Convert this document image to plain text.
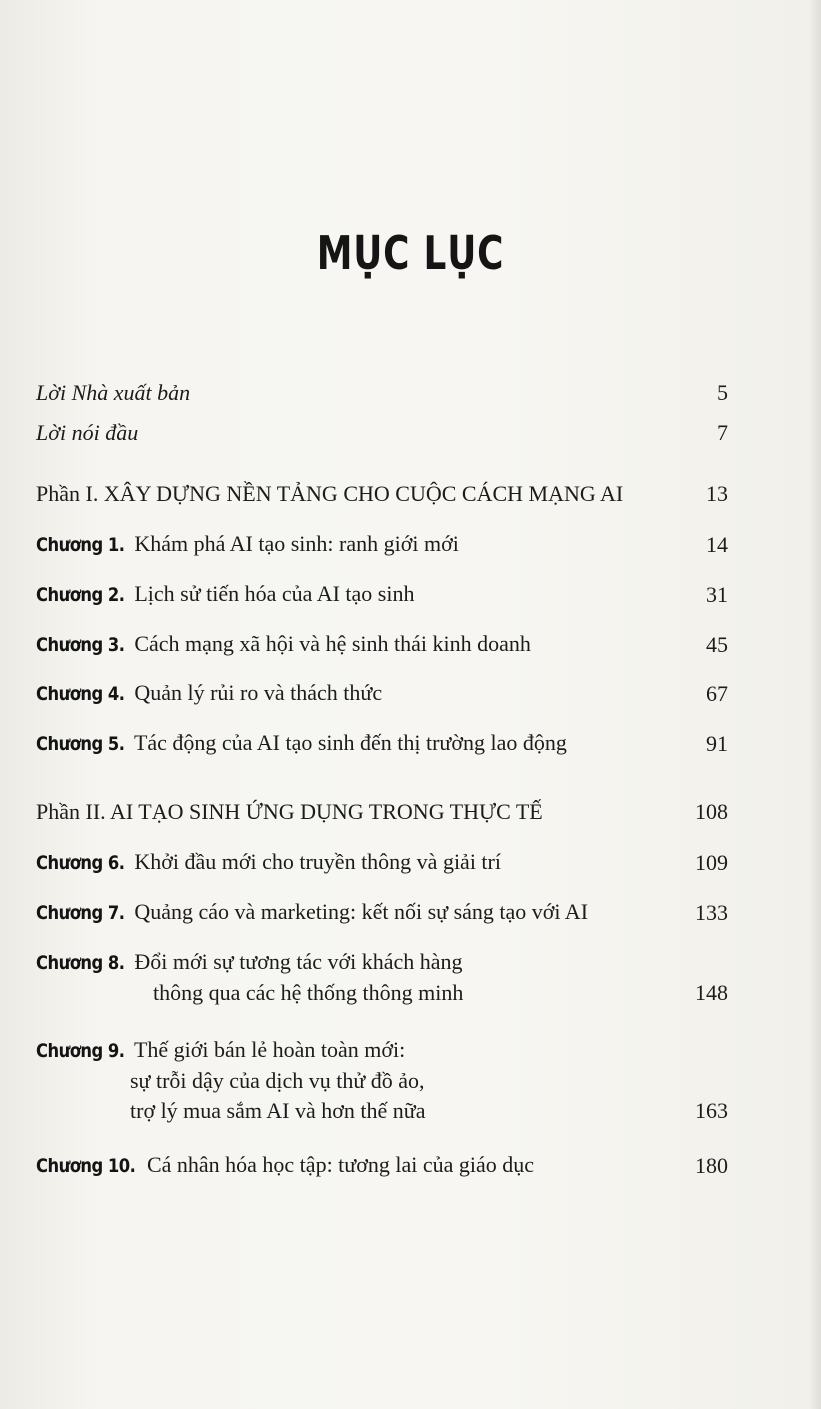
MỤC LỤC
Lời Nhà xuất bản	5
Lời nói đầu	7
Phần I. XÂY DỰNG NỀN TẢNG CHO CUỘC CÁCH MẠNG AI	13
Chương 1. Khám phá AI tạo sinh: ranh giới mới	14
Chương 2. Lịch sử tiến hóa của AI tạo sinh	31
Chương 3. Cách mạng xã hội và hệ sinh thái kinh doanh	45
Chương 4. Quản lý rủi ro và thách thức	67
Chương 5. Tác động của AI tạo sinh đến thị trường lao động	91
Phần II. AI TẠO SINH ỨNG DỤNG TRONG THỰC TẾ	108
Chương 6. Khởi đầu mới cho truyền thông và giải trí	109
Chương 7. Quảng cáo và marketing: kết nối sự sáng tạo với AI	133
Chương 8. Đổi mới sự tương tác với khách hàng
thông qua các hệ thống thông minh	148
Chương 9. Thế giới bán lẻ hoàn toàn mới:
sự trỗi dậy của dịch vụ thử đồ ảo,
trợ lý mua sắm AI và hơn thế nữa	163
Chương 10. Cá nhân hóa học tập: tương lai của giáo dục	180
